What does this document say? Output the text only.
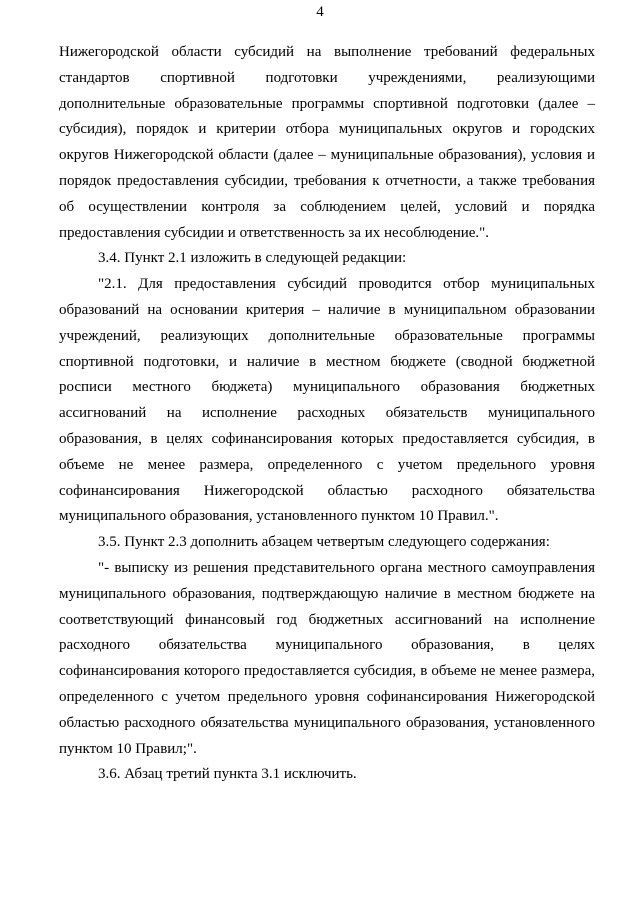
4

Нижегородской области субсидий на выполнение требований федеральных стандартов спортивной подготовки учреждениями, реализующими дополнительные образовательные программы спортивной подготовки (далее – субсидия), порядок и критерии отбора муниципальных округов и городских округов Нижегородской области (далее – муниципальные образования), условия и порядок предоставления субсидии, требования к отчетности, а также требования об осуществлении контроля за соблюдением целей, условий и порядка предоставления субсидии и ответственность за их несоблюдение.".

3.4. Пункт 2.1 изложить в следующей редакции:

"2.1. Для предоставления субсидий проводится отбор муниципальных образований на основании критерия – наличие в муниципальном образовании учреждений, реализующих дополнительные образовательные программы спортивной подготовки, и наличие в местном бюджете (сводной бюджетной росписи местного бюджета) муниципального образования бюджетных ассигнований на исполнение расходных обязательств муниципального образования, в целях софинансирования которых предоставляется субсидия, в объеме не менее размера, определенного с учетом предельного уровня софинансирования Нижегородской областью расходного обязательства муниципального образования, установленного пунктом 10 Правил.".

3.5. Пункт 2.3 дополнить абзацем четвертым следующего содержания:

"- выписку из решения представительного органа местного самоуправления муниципального образования, подтверждающую наличие в местном бюджете на соответствующий финансовый год бюджетных ассигнований на исполнение расходного обязательства муниципального образования, в целях софинансирования которого предоставляется субсидия, в объеме не менее размера, определенного с учетом предельного уровня софинансирования Нижегородской областью расходного обязательства муниципального образования, установленного пунктом 10 Правил;".

3.6. Абзац третий пункта 3.1 исключить.
